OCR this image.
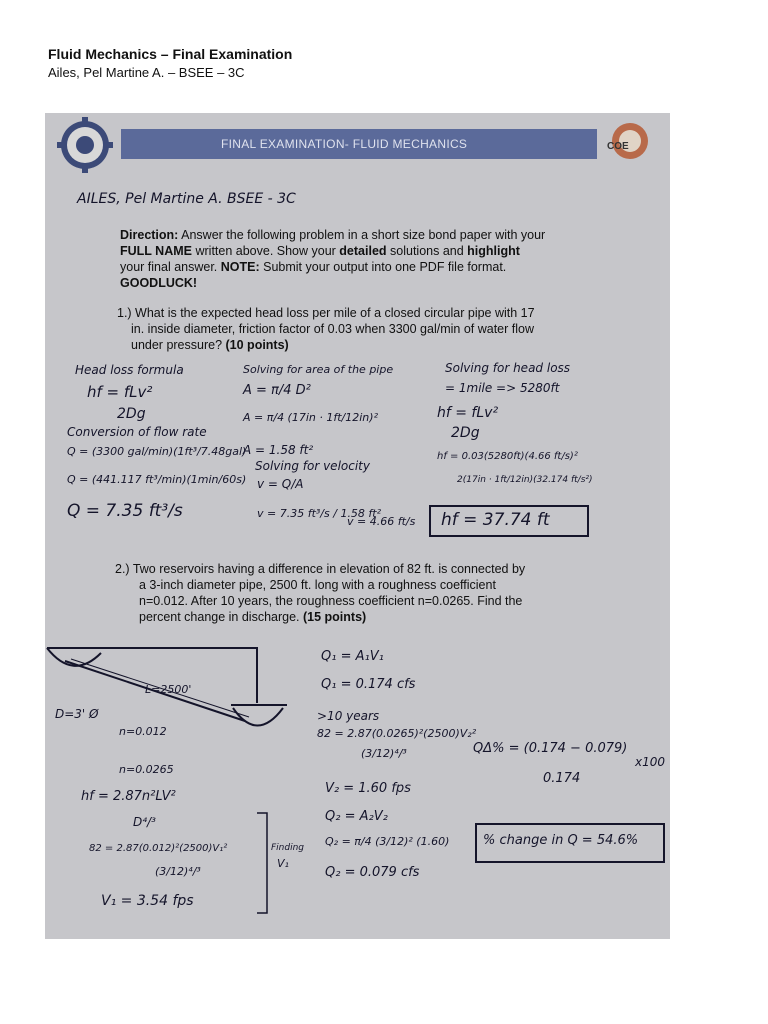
Fluid Mechanics – Final Examination
Ailes, Pel Martine A. – BSEE – 3C
FINAL EXAMINATION- FLUID MECHANICS	COE
AILES, Pel Martine A. BSEE - 3C
Direction: Answer the following problem in a short size bond paper with your
FULL NAME written above. Show your detailed solutions and highlight
your final answer. NOTE: Submit your output into one PDF file format.
GOODLUCK!
1.) What is the expected head loss per mile of a closed circular pipe with 17
in. inside diameter, friction factor of 0.03 when 3300 gal/min of water flow
under pressure? (10 points)
Head loss formula
hf = fLv²
2Dg
Conversion of flow rate
Q = (3300 gal/min)(1ft³/7.48gal)
Q = (441.117 ft³/min)(1min/60s)
Q = 7.35 ft³/s
Solving for area of the pipe
A = π/4 D²
A = π/4 (17in · 1ft/12in)²
A = 1.58 ft²
Solving for velocity
v = Q/A
v = 7.35 ft³/s / 1.58 ft²
v = 4.66 ft/s
Solving for head loss
= 1mile => 5280ft
hf = fLv²
2Dg
hf = 0.03(5280ft)(4.66 ft/s)²
2(17in · 1ft/12in)(32.174 ft/s²)
hf = 37.74 ft
2.) Two reservoirs having a difference in elevation of 82 ft. is connected by
a 3-inch diameter pipe, 2500 ft. long with a roughness coefficient
n=0.012. After 10 years, the roughness coefficient n=0.0265. Find the
percent change in discharge. (15 points)
L=2500'
D=3' Ø
n=0.012
n=0.0265
hf = 2.87n²LV²
D⁴/³
82 = 2.87(0.012)²(2500)V₁²
(3/12)⁴/³
V₁ = 3.54 fps
Finding
V₁
Q₁ = A₁V₁
Q₁ = 0.174 cfs
>10 years
82 = 2.87(0.0265)²(2500)V₂²
(3/12)⁴/³
V₂ = 1.60 fps
Q₂ = A₂V₂
Q₂ = π/4 (3/12)² (1.60)
Q₂ = 0.079 cfs
QΔ% = (0.174 − 0.079)
0.174
x100
% change in Q = 54.6%
